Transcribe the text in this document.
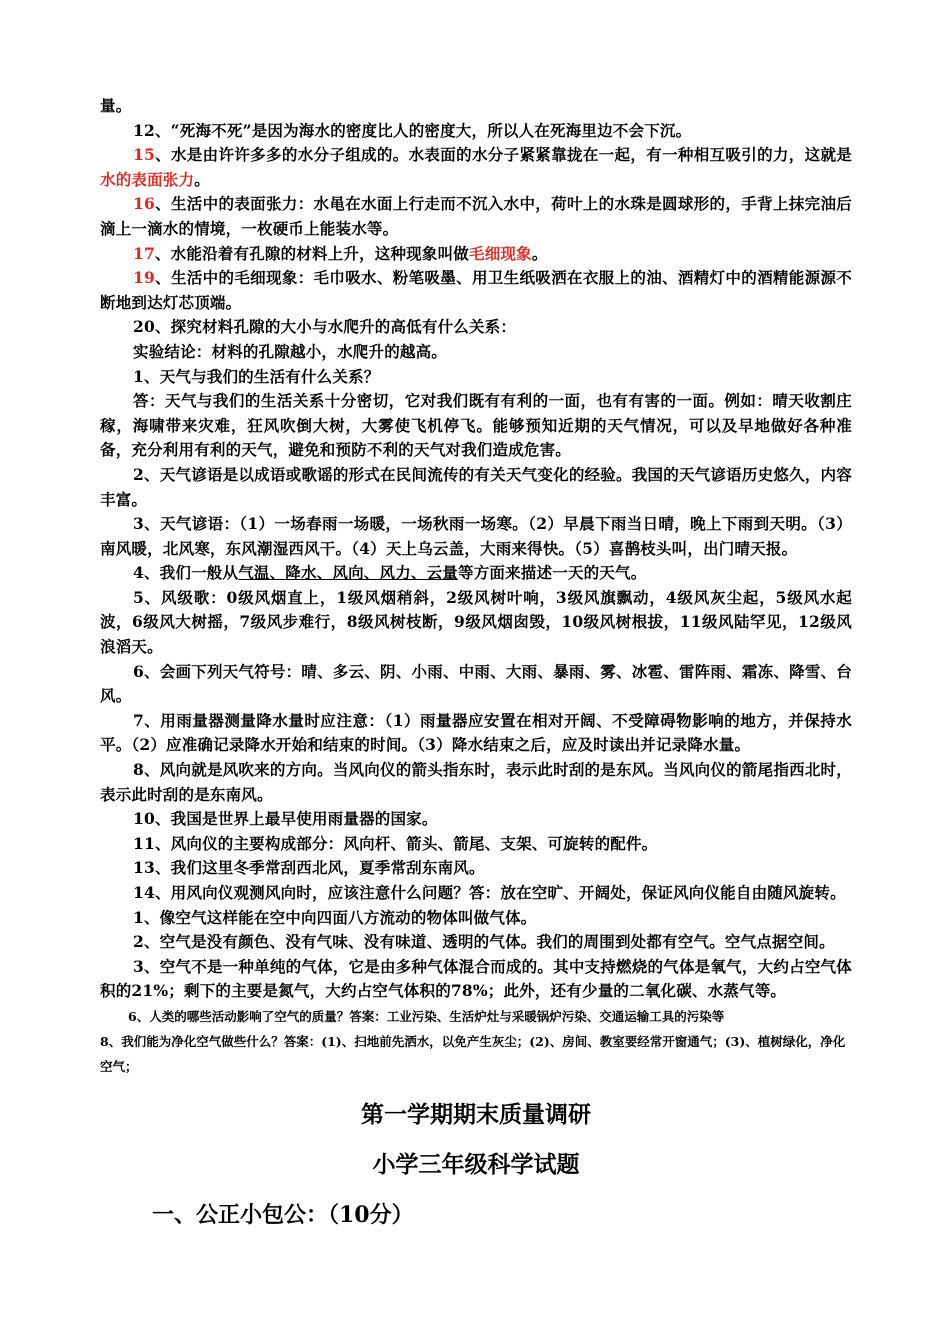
量。

12、“死海不死”是因为海水的密度比人的密度大，所以人在死海里边不会下沉。

15、水是由许许多多的水分子组成的。水表面的水分子紧紧靠拢在一起，有一种相互吸引的力，这就是水的表面张力。

16、生活中的表面张力：水黾在水面上行走而不沉入水中，荷叶上的水珠是圆球形的，手背上抹完油后滴上一滴水的情境，一枚硬币上能装水等。

17、水能沿着有孔隙的材料上升，这种现象叫做毛细现象。

19、生活中的毛细现象：毛巾吸水、粉笔吸墨、用卫生纸吸洒在衣服上的油、酒精灯中的酒精能源源不断地到达灯芯顶端。

20、探究材料孔隙的大小与水爬升的高低有什么关系：

实验结论：材料的孔隙越小，水爬升的越高。

1、天气与我们的生活有什么关系？

答：天气与我们的生活关系十分密切，它对我们既有有利的一面，也有有害的一面。例如：晴天收割庄稼，海啸带来灾难，狂风吹倒大树，大雾使飞机停飞。能够预知近期的天气情况，可以及早地做好各种准备，充分利用有利的天气，避免和预防不利的天气对我们造成危害。

2、天气谚语是以成语或歌谣的形式在民间流传的有关天气变化的经验。我国的天气谚语历史悠久，内容丰富。

3、天气谚语：（1）一场春雨一场暖，一场秋雨一场寒。（2）早晨下雨当日晴，晚上下雨到天明。（3）南风暖，北风寒，东风潮湿西风干。（4）天上乌云盖，大雨来得快。（5）喜鹊枝头叫，出门晴天报。

4、我们一般从气温、降水、风向、风力、云量等方面来描述一天的天气。

5、风级歌：0级风烟直上，1级风烟稍斜，2级风树叶响，3级风旗飘动，4级风灰尘起，5级风水起波，6级风大树摇，7级风步难行，8级风树枝断，9级风烟囱毁，10级风树根拔，11级风陆罕见，12级风浪滔天。

6、会画下列天气符号：晴、多云、阴、小雨、中雨、大雨、暴雨、雾、冰雹、雷阵雨、霜冻、降雪、台风。

7、用雨量器测量降水量时应注意：（1）雨量器应安置在相对开阔、不受障碍物影响的地方，并保持水平。（2）应准确记录降水开始和结束的时间。（3）降水结束之后，应及时读出并记录降水量。

8、风向就是风吹来的方向。当风向仪的箭头指东时，表示此时刮的是东风。当风向仪的箭尾指西北时，表示此时刮的是东南风。

10、我国是世界上最早使用雨量器的国家。

11、风向仪的主要构成部分：风向杆、箭头、箭尾、支架、可旋转的配件。

13、我们这里冬季常刮西北风，夏季常刮东南风。

14、用风向仪观测风向时，应该注意什么问题？答：放在空旷、开阔处，保证风向仪能自由随风旋转。

1、像空气这样能在空中向四面八方流动的物体叫做气体。

2、空气是没有颜色、没有气味、没有味道、透明的气体。我们的周围到处都有空气。空气点据空间。

3、空气不是一种单纯的气体，它是由多种气体混合而成的。其中支持燃烧的气体是氧气，大约占空气体积的21%；剩下的主要是氮气，大约占空气体积的78%；此外，还有少量的二氧化碳、水蒸气等。

6、人类的哪些活动影响了空气的质量？答案：工业污染、生活炉灶与采暖锅炉污染、交通运输工具的污染等

8、我们能为净化空气做些什么？答案：(1)、扫地前先洒水，以免产生灰尘；(2)、房间、教室要经常开窗通气；(3)、植树绿化，净化空气；

第一学期期末质量调研

小学三年级科学试题

一、公正小包公：（10分）
